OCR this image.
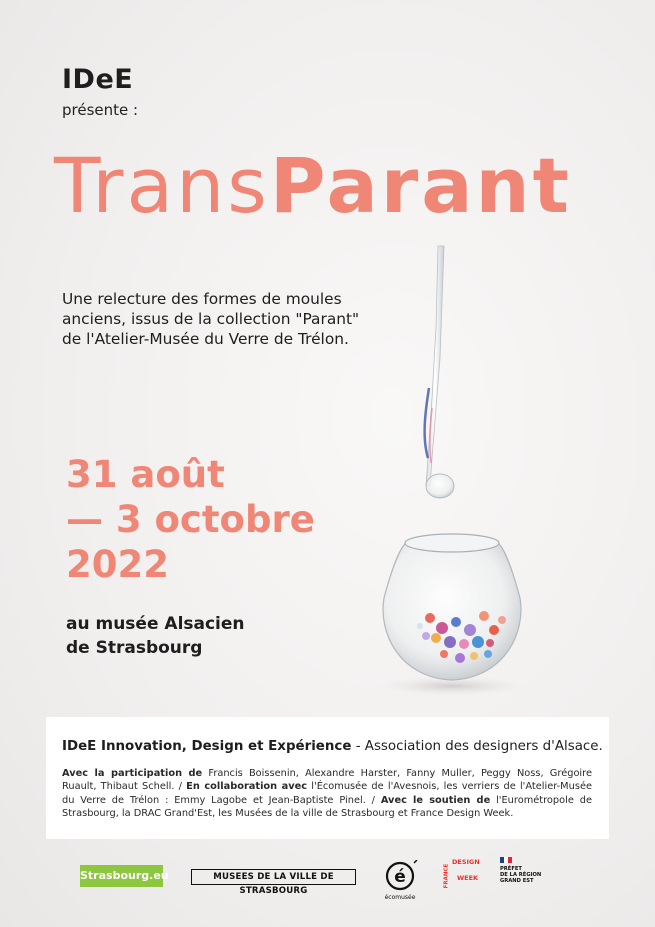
IDeE
présente :
TransParant
Une relecture des formes de moules
anciens, issus de la collection "Parant"
de l'Atelier-Musée du Verre de Trélon.
31 août
— 3 octobre
2022
au musée Alsacien
de Strasbourg
IDeE Innovation, Design et Expérience - Association des designers d'Alsace.
Avec la participation de Francis Boissenin, Alexandre Harster, Fanny Muller, Peggy Noss, Grégoire Ruault, Thibaut Schell. / En collaboration avec l'Écomusée de l'Avesnois, les verriers de l'Atelier-Musée du Verre de Trélon : Emmy Lagobe et Jean-Baptiste Pinel. / Avec le soutien de l'Eurométropole de Strasbourg, la DRAC Grand'Est, les Musées de la ville de Strasbourg et France Design Week.
Strasbourg.eu	MUSEES DE LA VILLE DE STRASBOURG
é
écomusée
DESIGN
WEEK
FRANCE	PRÉFET
DE LA RÉGION
GRAND EST
